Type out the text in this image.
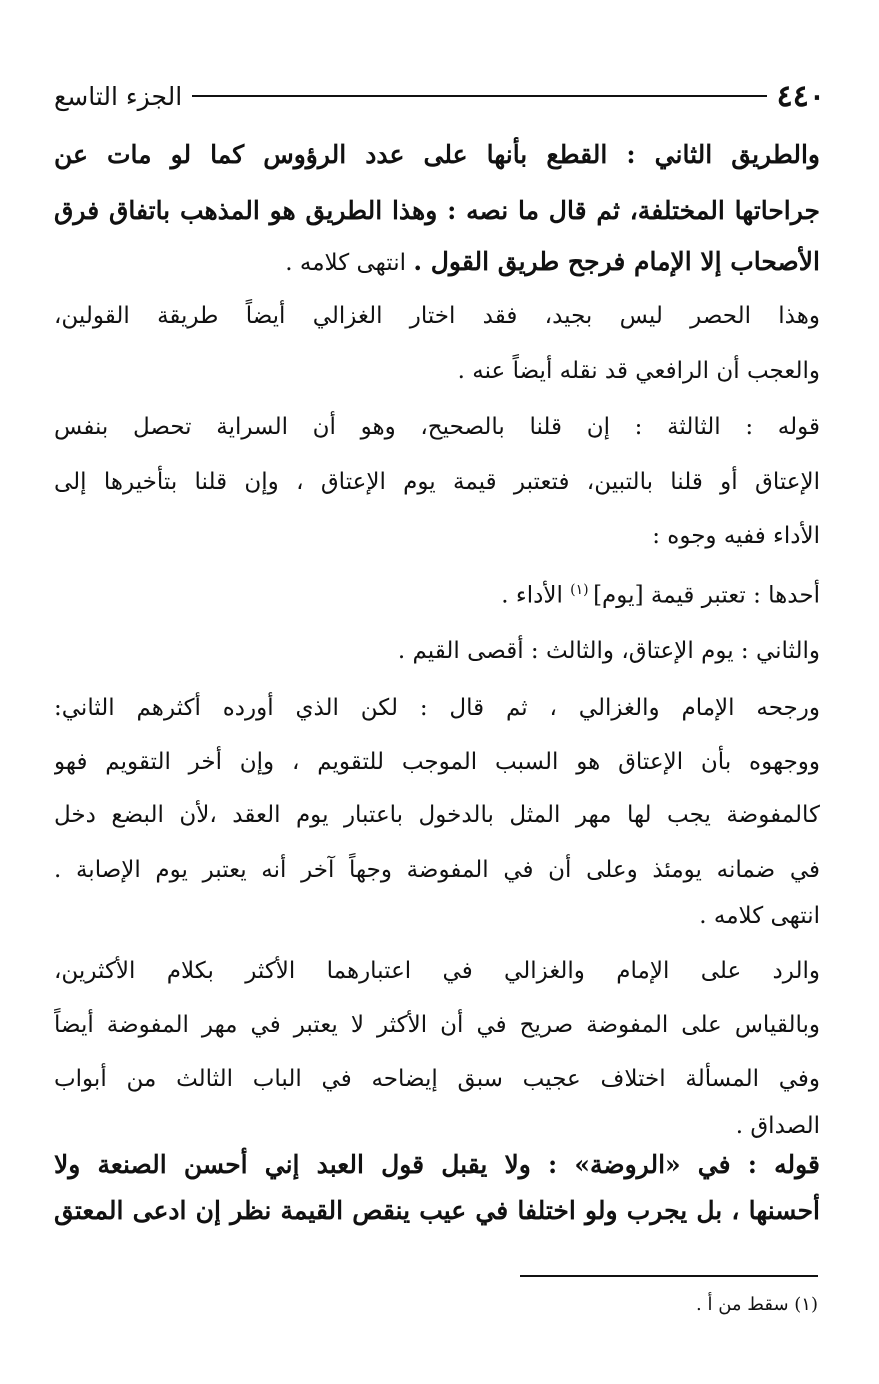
٤٤٠
الجزء التاسع
والطريق الثاني : القطع بأنها على عدد الرؤوس كما لو مات عن
جراحاتها المختلفة، ثم قال ما نصه : وهذا الطريق هو المذهب باتفاق فرق
الأصحاب إلا الإمام فرجح طريق القول . انتهى كلامه .
وهذا الحصر ليس بجيد، فقد اختار الغزالي أيضاً طريقة القولين،
والعجب أن الرافعي قد نقله أيضاً عنه .
قوله : الثالثة : إن قلنا بالصحيح، وهو أن السراية تحصل بنفس
الإعتاق أو قلنا بالتبين، فتعتبر قيمة يوم الإعتاق ، وإن قلنا بتأخيرها إلى
الأداء ففيه وجوه :
أحدها : تعتبر قيمة [يوم] $^{(١)}$ الأداء .
والثاني : يوم الإعتاق، والثالث : أقصى القيم .
ورجحه الإمام والغزالي ، ثم قال : لكن الذي أورده أكثرهم الثاني:
ووجهوه بأن الإعتاق هو السبب الموجب للتقويم ، وإن أخر التقويم فهو
كالمفوضة يجب لها مهر المثل بالدخول باعتبار يوم العقد ،لأن البضع دخل
في ضمانه يومئذ وعلى أن في المفوضة وجهاً آخر أنه يعتبر يوم الإصابة .
انتهى كلامه .
والرد على الإمام والغزالي في اعتبارهما الأكثر بكلام الأكثرين،
وبالقياس على المفوضة صريح في أن الأكثر لا يعتبر في مهر المفوضة أيضاً
وفي المسألة اختلاف عجيب سبق إيضاحه في الباب الثالث من أبواب
الصداق .
قوله : في «الروضة» : ولا يقبل قول العبد إني أحسن الصنعة ولا
أحسنها ، بل يجرب ولو اختلفا في عيب ينقص القيمة نظر إن ادعى المعتق
(١) سقط من أ .
